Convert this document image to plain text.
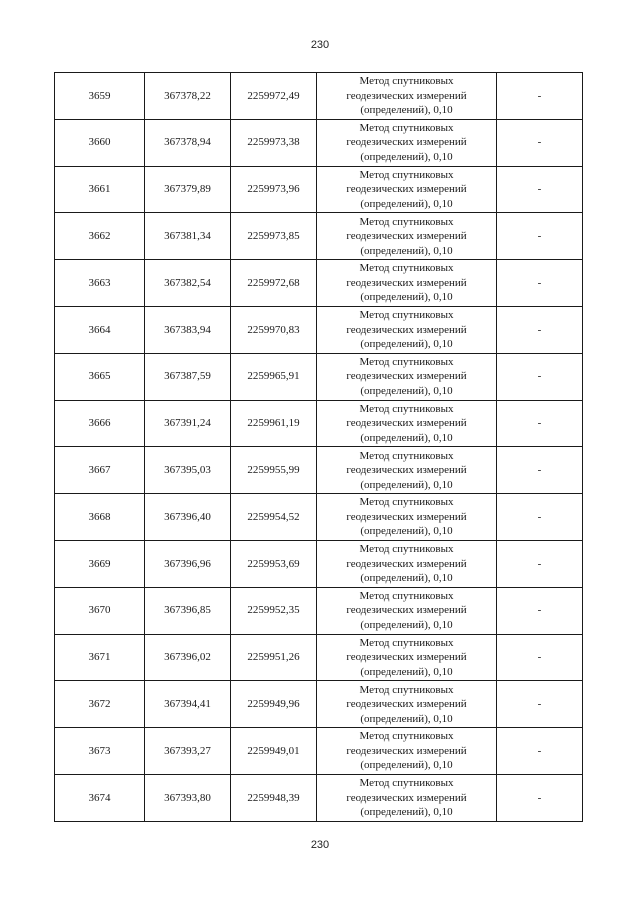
230
3659	367378,22	2259972,49	Метод спутниковых
геодезических измерений
(определений), 0,10	-
3660	367378,94	2259973,38	Метод спутниковых
геодезических измерений
(определений), 0,10	-
3661	367379,89	2259973,96	Метод спутниковых
геодезических измерений
(определений), 0,10	-
3662	367381,34	2259973,85	Метод спутниковых
геодезических измерений
(определений), 0,10	-
3663	367382,54	2259972,68	Метод спутниковых
геодезических измерений
(определений), 0,10	-
3664	367383,94	2259970,83	Метод спутниковых
геодезических измерений
(определений), 0,10	-
3665	367387,59	2259965,91	Метод спутниковых
геодезических измерений
(определений), 0,10	-
3666	367391,24	2259961,19	Метод спутниковых
геодезических измерений
(определений), 0,10	-
3667	367395,03	2259955,99	Метод спутниковых
геодезических измерений
(определений), 0,10	-
3668	367396,40	2259954,52	Метод спутниковых
геодезических измерений
(определений), 0,10	-
3669	367396,96	2259953,69	Метод спутниковых
геодезических измерений
(определений), 0,10	-
3670	367396,85	2259952,35	Метод спутниковых
геодезических измерений
(определений), 0,10	-
3671	367396,02	2259951,26	Метод спутниковых
геодезических измерений
(определений), 0,10	-
3672	367394,41	2259949,96	Метод спутниковых
геодезических измерений
(определений), 0,10	-
3673	367393,27	2259949,01	Метод спутниковых
геодезических измерений
(определений), 0,10	-
3674	367393,80	2259948,39	Метод спутниковых
геодезических измерений
(определений), 0,10	-
230
